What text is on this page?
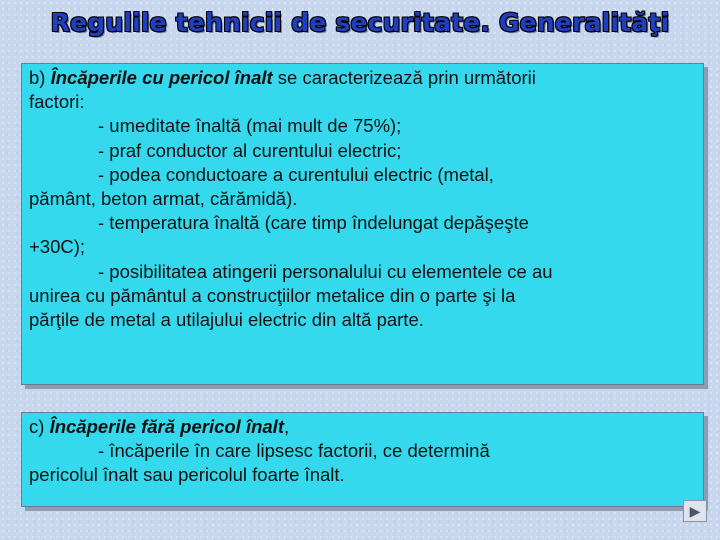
Regulile tehnicii de securitate. Generalităţi
b) Încăperile cu pericol înalt se caracterizează prin următorii
factori:
- umeditate înaltă (mai mult de 75%);
- praf conductor al curentului electric;
- podea conductoare a curentului electric (metal,
pământ, beton armat, cărămidă).
- temperatura înaltă (care timp îndelungat depăşeşte
+30C);
- posibilitatea atingerii personalului cu elementele ce au
unirea cu pământul a construcţiilor metalice din o parte şi la
părţile de metal a utilajului electric din altă parte.
c) Încăperile fără pericol înalt,
- încăperile în care lipsesc factorii, ce determină
pericolul înalt sau pericolul foarte înalt.
▶
